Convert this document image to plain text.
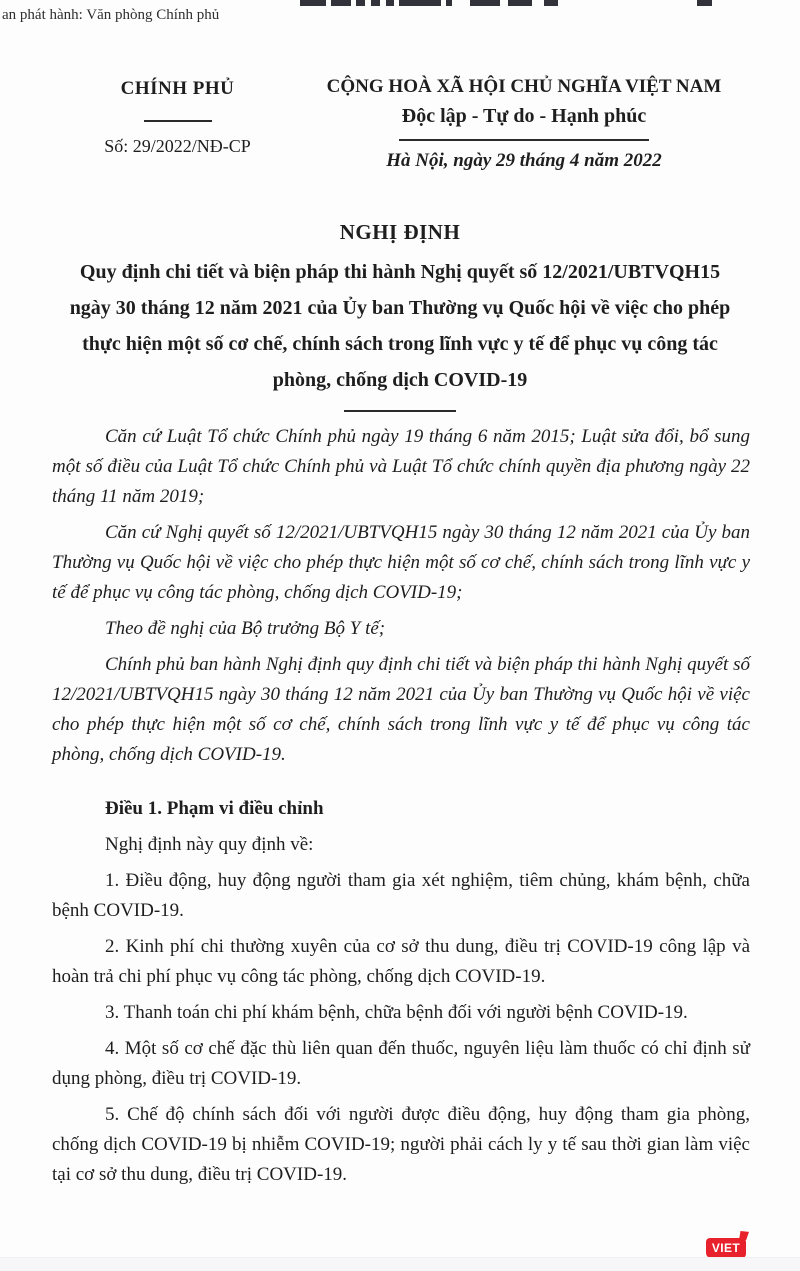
an phát hành: Văn phòng Chính phủ
CHÍNH PHỦ
Số: 29/2022/NĐ-CP
CỘNG HOÀ XÃ HỘI CHỦ NGHĨA VIỆT NAM
Độc lập - Tự do - Hạnh phúc
Hà Nội, ngày 29 tháng 4 năm 2022
NGHỊ ĐỊNH
Quy định chi tiết và biện pháp thi hành Nghị quyết số 12/2021/UBTVQH15
ngày 30 tháng 12 năm 2021 của Ủy ban Thường vụ Quốc hội về việc cho phép
thực hiện một số cơ chế, chính sách trong lĩnh vực y tế để phục vụ công tác
phòng, chống dịch COVID-19

Căn cứ Luật Tổ chức Chính phủ ngày 19 tháng 6 năm 2015; Luật sửa đổi, bổ sung một số điều của Luật Tổ chức Chính phủ và Luật Tổ chức chính quyền địa phương ngày 22 tháng 11 năm 2019;

Căn cứ Nghị quyết số 12/2021/UBTVQH15 ngày 30 tháng 12 năm 2021 của Ủy ban Thường vụ Quốc hội về việc cho phép thực hiện một số cơ chế, chính sách trong lĩnh vực y tế để phục vụ công tác phòng, chống dịch COVID-19;

Theo đề nghị của Bộ trưởng Bộ Y tế;

Chính phủ ban hành Nghị định quy định chi tiết và biện pháp thi hành Nghị quyết số 12/2021/UBTVQH15 ngày 30 tháng 12 năm 2021 của Ủy ban Thường vụ Quốc hội về việc cho phép thực hiện một số cơ chế, chính sách trong lĩnh vực y tế để phục vụ công tác phòng, chống dịch COVID-19.

Điều 1. Phạm vi điều chỉnh

Nghị định này quy định về:

1. Điều động, huy động người tham gia xét nghiệm, tiêm chủng, khám bệnh, chữa bệnh COVID-19.

2. Kinh phí chi thường xuyên của cơ sở thu dung, điều trị COVID-19 công lập và hoàn trả chi phí phục vụ công tác phòng, chống dịch COVID-19.

3. Thanh toán chi phí khám bệnh, chữa bệnh đối với người bệnh COVID-19.

4. Một số cơ chế đặc thù liên quan đến thuốc, nguyên liệu làm thuốc có chỉ định sử dụng phòng, điều trị COVID-19.

5. Chế độ chính sách đối với người được điều động, huy động tham gia phòng, chống dịch COVID-19 bị nhiễm COVID-19; người phải cách ly y tế sau thời gian làm việc tại cơ sở thu dung, điều trị COVID-19.

VIET
